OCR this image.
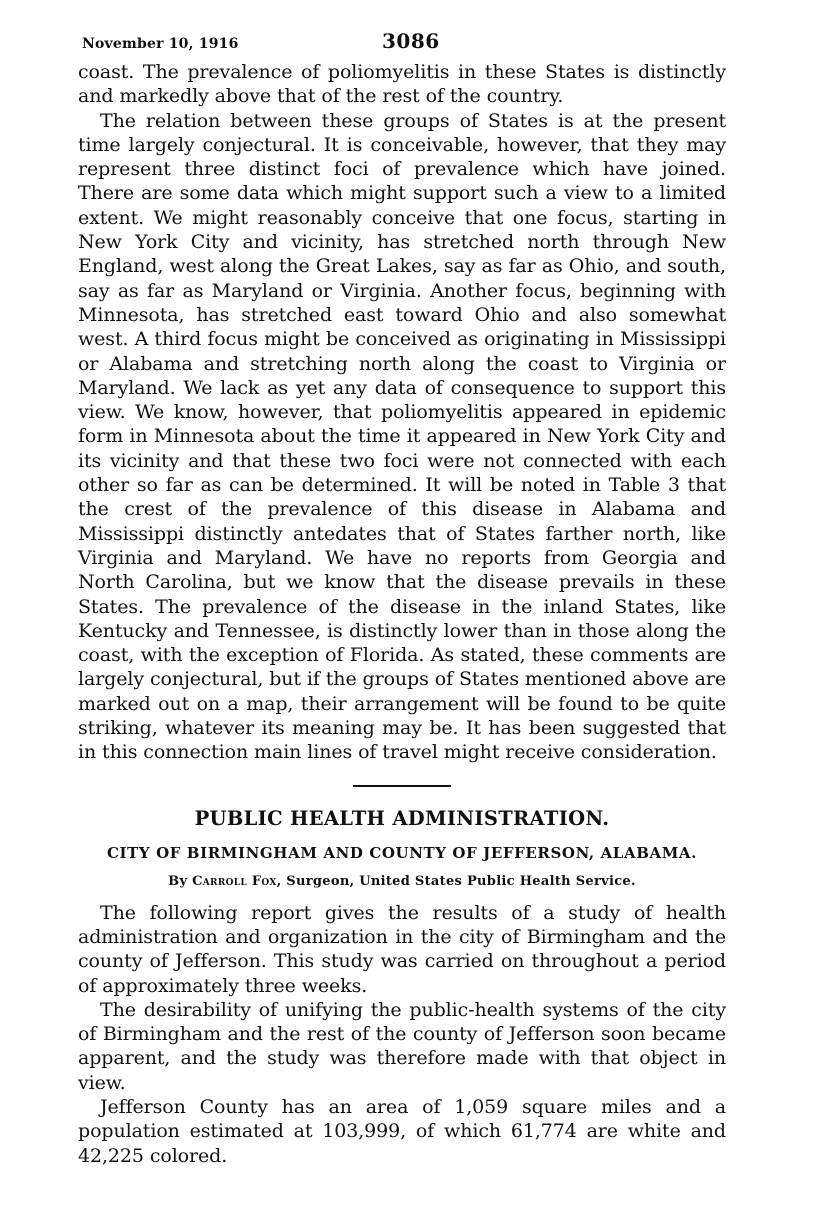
November 10, 1916	3086

coast. The prevalence of poliomyelitis in these States is distinctly and markedly above that of the rest of the country.

The relation between these groups of States is at the present time largely conjectural. It is conceivable, however, that they may represent three distinct foci of prevalence which have joined. There are some data which might support such a view to a limited extent. We might reasonably conceive that one focus, starting in New York City and vicinity, has stretched north through New England, west along the Great Lakes, say as far as Ohio, and south, say as far as Maryland or Virginia. Another focus, beginning with Minnesota, has stretched east toward Ohio and also somewhat west. A third focus might be conceived as originating in Mississippi or Alabama and stretching north along the coast to Virginia or Maryland. We lack as yet any data of consequence to support this view. We know, however, that poliomyelitis appeared in epidemic form in Minnesota about the time it appeared in New York City and its vicinity and that these two foci were not connected with each other so far as can be determined. It will be noted in Table 3 that the crest of the prevalence of this disease in Alabama and Mississippi distinctly antedates that of States farther north, like Virginia and Maryland. We have no reports from Georgia and North Carolina, but we know that the disease prevails in these States. The prevalence of the disease in the inland States, like Kentucky and Tennessee, is distinctly lower than in those along the coast, with the exception of Florida. As stated, these comments are largely conjectural, but if the groups of States mentioned above are marked out on a map, their arrangement will be found to be quite striking, whatever its meaning may be. It has been suggested that in this connection main lines of travel might receive consideration.

PUBLIC HEALTH ADMINISTRATION.
CITY OF BIRMINGHAM AND COUNTY OF JEFFERSON, ALABAMA.
By Carroll Fox, Surgeon, United States Public Health Service.

The following report gives the results of a study of health administration and organization in the city of Birmingham and the county of Jefferson. This study was carried on throughout a period of approximately three weeks.

The desirability of unifying the public-health systems of the city of Birmingham and the rest of the county of Jefferson soon became apparent, and the study was therefore made with that object in view.

Jefferson County has an area of 1,059 square miles and a population estimated at 103,999, of which 61,774 are white and 42,225 colored.
